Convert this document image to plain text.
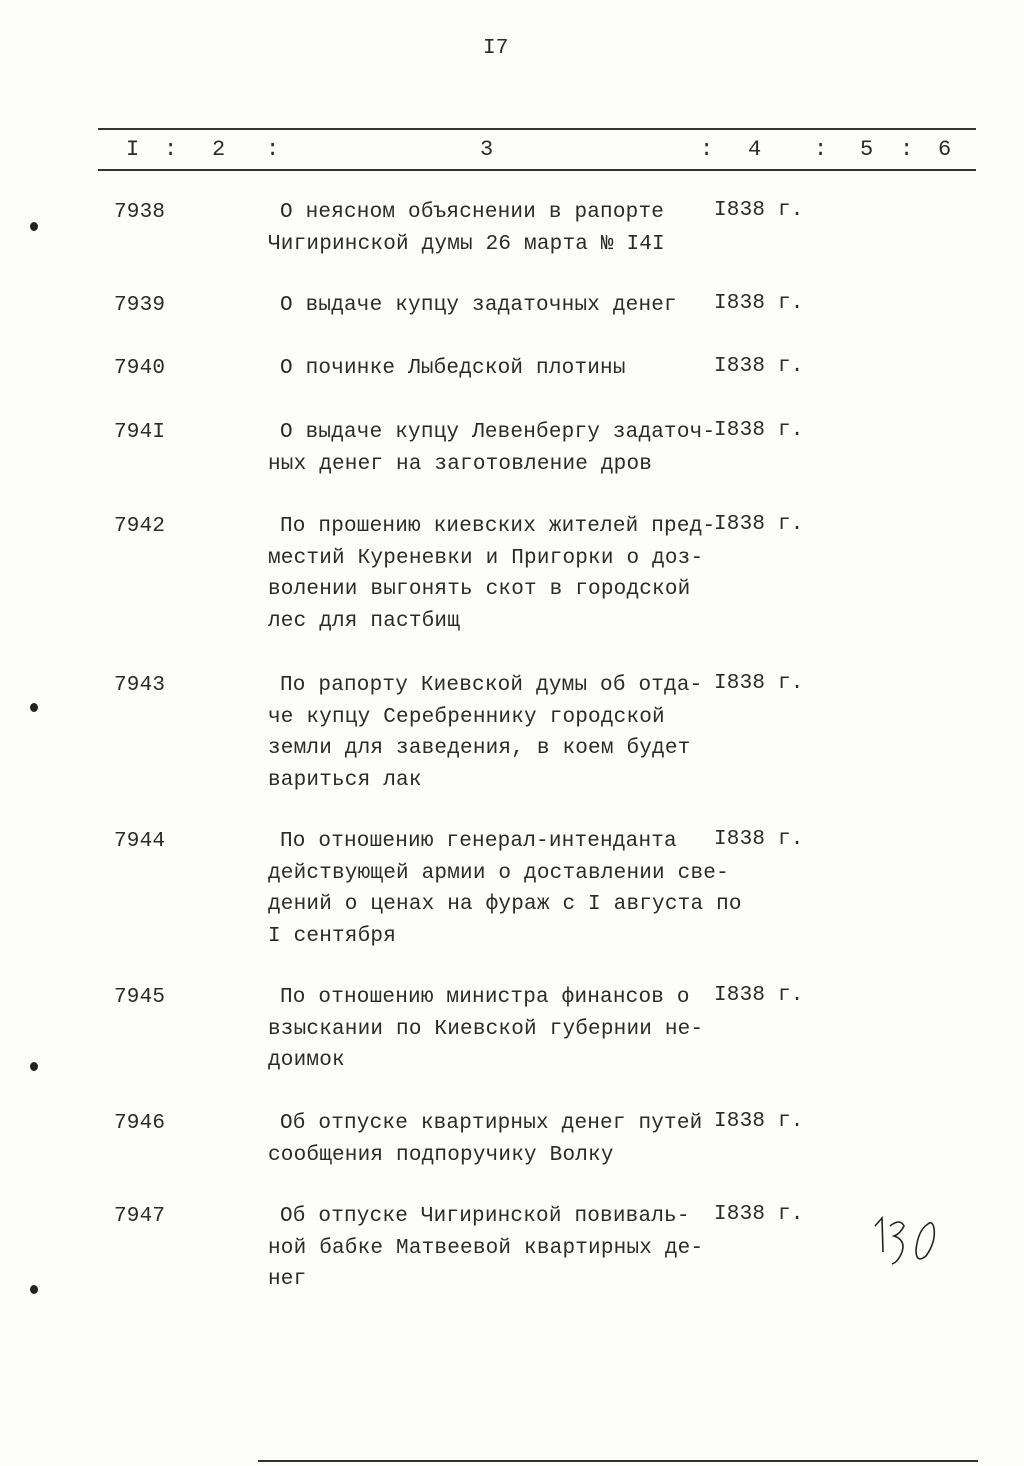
I7
I : 2 :	3	: 4 : 5 : 6
7938	О неясном объяснении в рапорте
Чигиринской думы 26 марта № I4I
I838 г.
7939	О выдаче купцу задаточных денег I838 г.
7940	О починке Лыбедской плотины	I838 г.
794I	О выдаче купцу Левенбергу задаточ-
ных денег на заготовление дров
I838 г.
7942	По прошению киевских жителей пред-
местий Куреневки и Пригорки о доз-
волении выгонять скот в городской
лес для пастбищ
I838 г.
7943	По рапорту Киевской думы об отда-
че купцу Серебреннику городской
земли для заведения, в коем будет
вариться лак
I838 г.
7944	По отношению генерал-интенданта
действующей армии о доставлении све-
дений о ценах на фураж с I августа по
I сентября
I838 г.
7945	По отношению министра финансов о
взыскании по Киевской губернии не-
доимок
I838 г.
7946	Об отпуске квартирных денег путей
сообщения подпоручику Волку
I838 г.
7947	Об отпуске Чигиринской повиваль-
ной бабке Матвеевой квартирных де-
нег
I838 г.
